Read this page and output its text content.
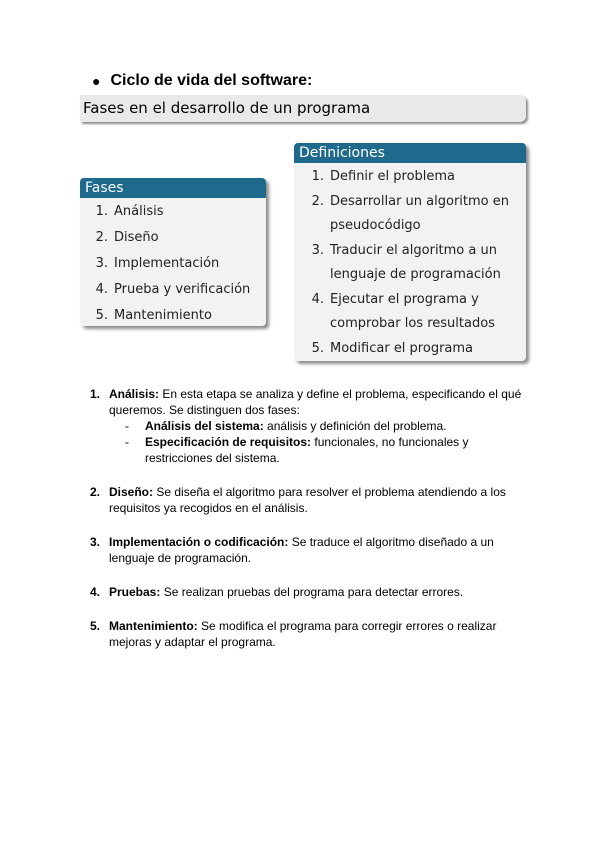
● Ciclo de vida del software:
Fases en el desarrollo de un programa
Fases
1. Análisis
2. Diseño
3. Implementación
4. Prueba y verificación
5. Mantenimiento
Definiciones
1. Definir el problema
2. Desarrollar un algoritmo en pseudocódigo
3. Traducir el algoritmo a un lenguaje de programación
4. Ejecutar el programa y comprobar los resultados
5. Modificar el programa
1. Análisis: En esta etapa se analiza y define el problema, especificando el qué queremos. Se distinguen dos fases:
-	Análisis del sistema: análisis y definición del problema.
-	Especificación de requisitos: funcionales, no funcionales y restricciones del sistema.
2. Diseño: Se diseña el algoritmo para resolver el problema atendiendo a los requisitos ya recogidos en el análisis.
3. Implementación o codificación: Se traduce el algoritmo diseñado a un lenguaje de programación.
4. Pruebas: Se realizan pruebas del programa para detectar errores.
5. Mantenimiento: Se modifica el programa para corregir errores o realizar mejoras y adaptar el programa.
